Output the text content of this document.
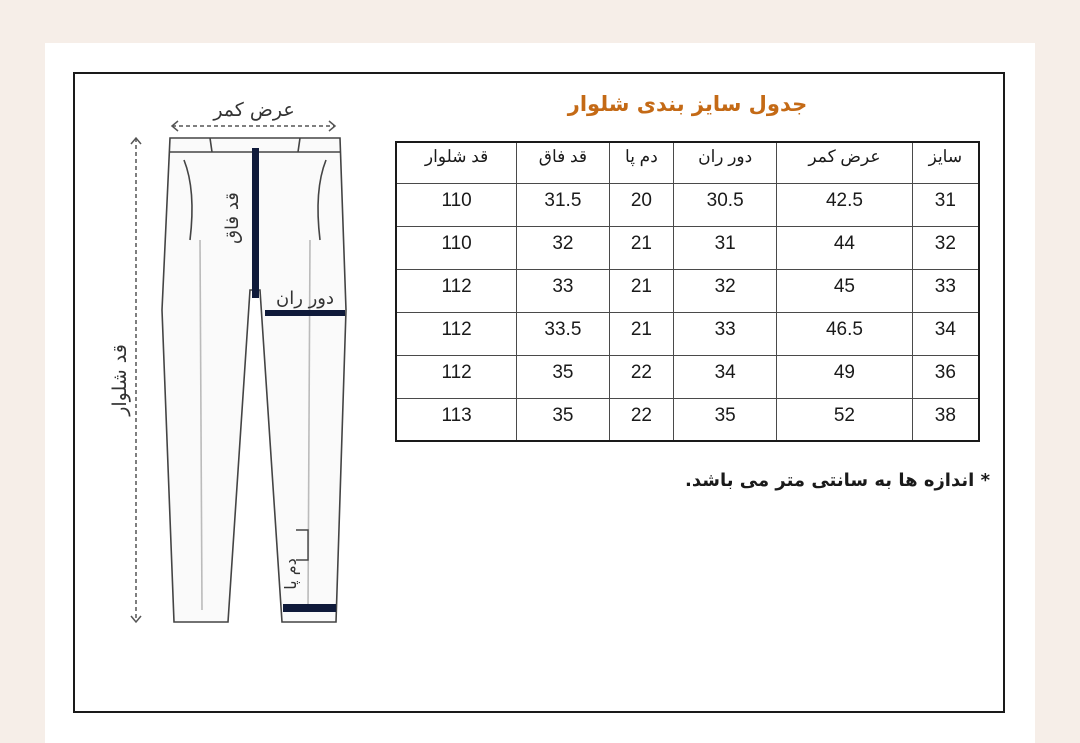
عرض کمر
قد شلوار
قد فاق
دور ران
دم پا
جدول سایز بندی شلوار
سایز	عرض کمر	دور ران	دم پا	قد فاق	قد شلوار
31	42.5	30.5	20	31.5	110
32	44	31	21	32	110
33	45	32	21	33	112
34	46.5	33	21	33.5	112
36	49	34	22	35	112
38	52	35	22	35	113
* اندازه ها به سانتی متر می باشد.
